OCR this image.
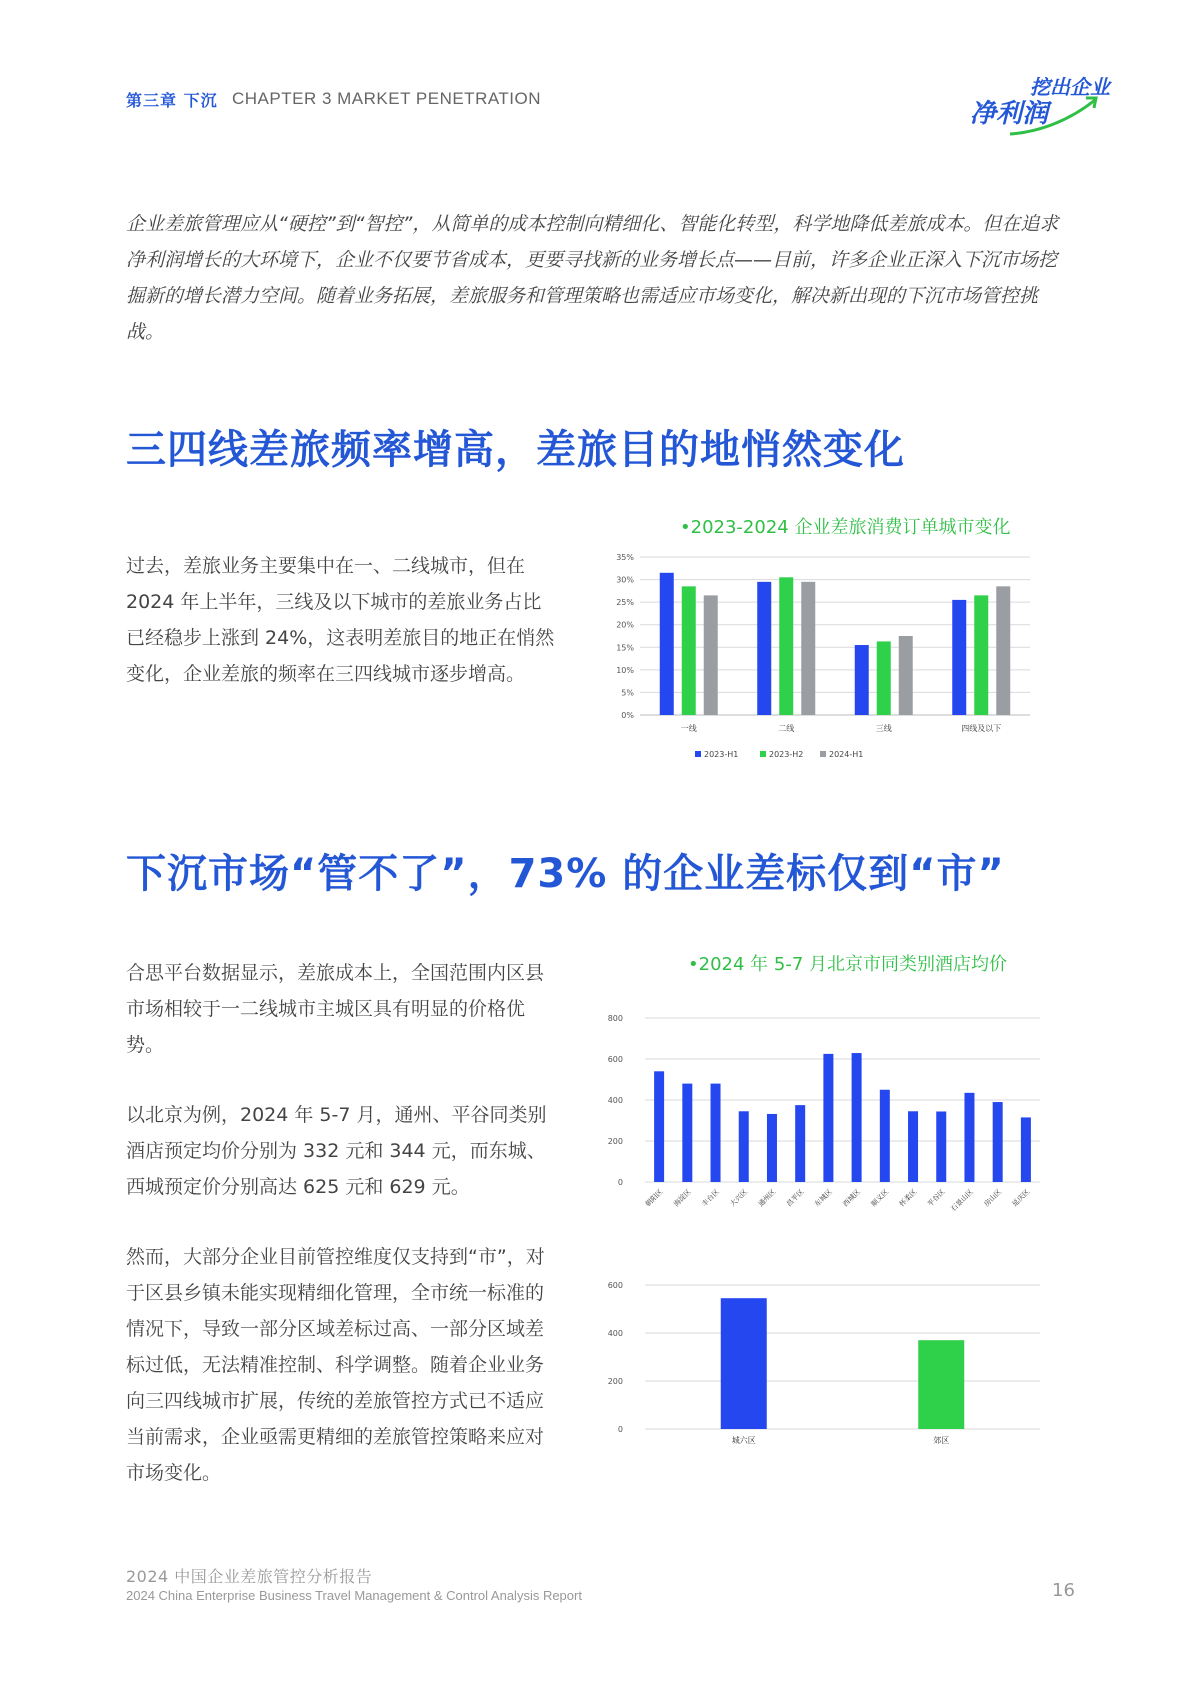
第三章 下沉 CHAPTER 3 MARKET PENETRATION	挖出企业
净利润
企业差旅管理应从“硬控”到“智控”，从简单的成本控制向精细化、智能化转型，科学地降低差旅成本。但在追求净利润增长的大环境下，企业不仅要节省成本，更要寻找新的业务增长点——目前，许多企业正深入下沉市场挖掘新的增长潜力空间。随着业务拓展，差旅服务和管理策略也需适应市场变化，解决新出现的下沉市场管控挑战。
三四线差旅频率增高，差旅目的地悄然变化
过去，差旅业务主要集中在一、二线城市，但在 2024 年上半年，三线及以下城市的差旅业务占比已经稳步上涨到 24%，这表明差旅目的地正在悄然变化，企业差旅的频率在三四线城市逐步增高。
•2023-2024 企业差旅消费订单城市变化
0%
5%
10%
15%
20%
25%
30%
35%
一线	二线	三线	四线及以下
2023-H1	2023-H2	2024-H1
下沉市场“管不了”，73% 的企业差标仅到“市”
合思平台数据显示，差旅成本上，全国范围内区县市场相较于一二线城市主城区具有明显的价格优势。
以北京为例，2024 年 5-7 月，通州、平谷同类别酒店预定均价分别为 332 元和 344 元，而东城、西城预定价分别高达 625 元和 629 元。
然而，大部分企业目前管控维度仅支持到“市”，对于区县乡镇未能实现精细化管理，全市统一标准的情况下，导致一部分区域差标过高、一部分区域差标过低，无法精准控制、科学调整。随着企业业务向三四线城市扩展，传统的差旅管控方式已不适应当前需求，企业亟需更精细的差旅管控策略来应对市场变化。
•2024 年 5-7 月北京市同类别酒店均价
0
200
400
600
800
朝阳区 海淀区 丰台区 大兴区 通州区 昌平区 东城区 西城区 顺义区 怀柔区 平谷区 石景山区 房山区 延庆区
0
200
400
600
城六区	郊区
2024 中国企业差旅管控分析报告
2024 China Enterprise Business Travel Management & Control Analysis Report	16
